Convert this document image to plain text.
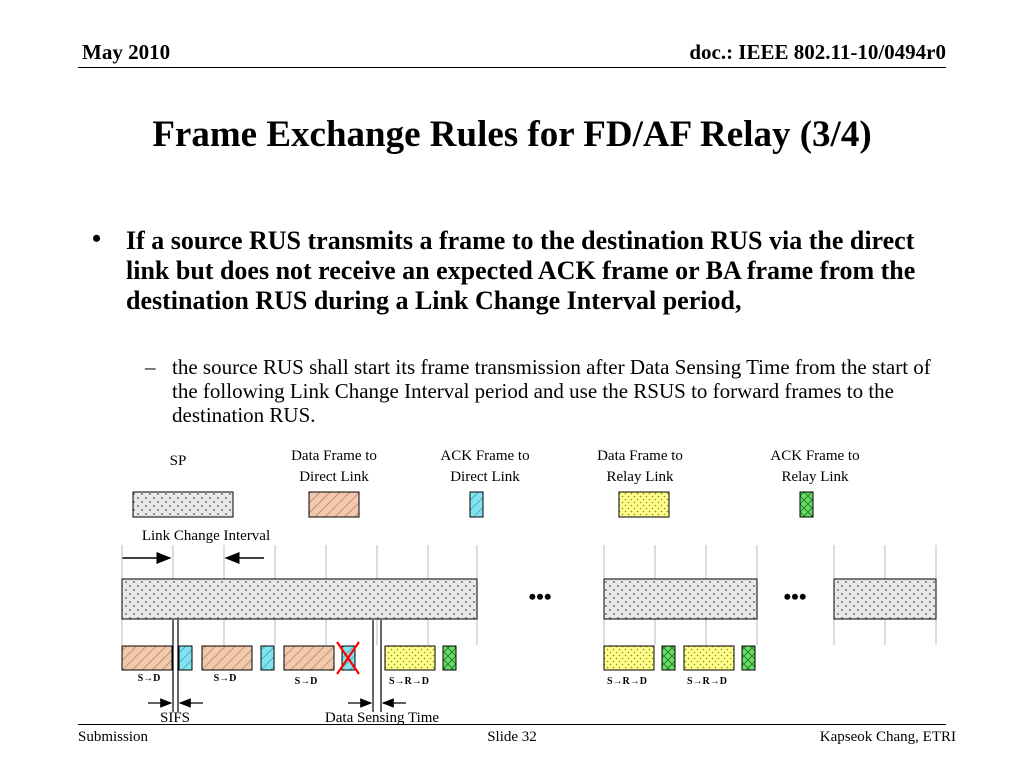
May 2010	doc.: IEEE 802.11-10/0494r0
Frame Exchange Rules for FD/AF Relay (3/4)
• If a source RUS transmits a frame to the destination RUS via the direct link but does not receive an expected ACK frame or BA frame from the destination RUS during a Link Change Interval period,
– the source RUS shall start its frame transmission after Data Sensing Time from the start of the following Link Change Interval period and use the RSUS to forward frames to the destination RUS.
SP	Data Frame to
Direct Link
ACK Frame to
Direct Link
Data Frame to
Relay Link
ACK Frame to
Relay Link
Link Change Interval
•••	•••
S→D	S→D	S→D	S→R→D	S→R→D	S→R→D
SIFS	Data Sensing Time
Submission	Slide 32	Kapseok Chang, ETRI
